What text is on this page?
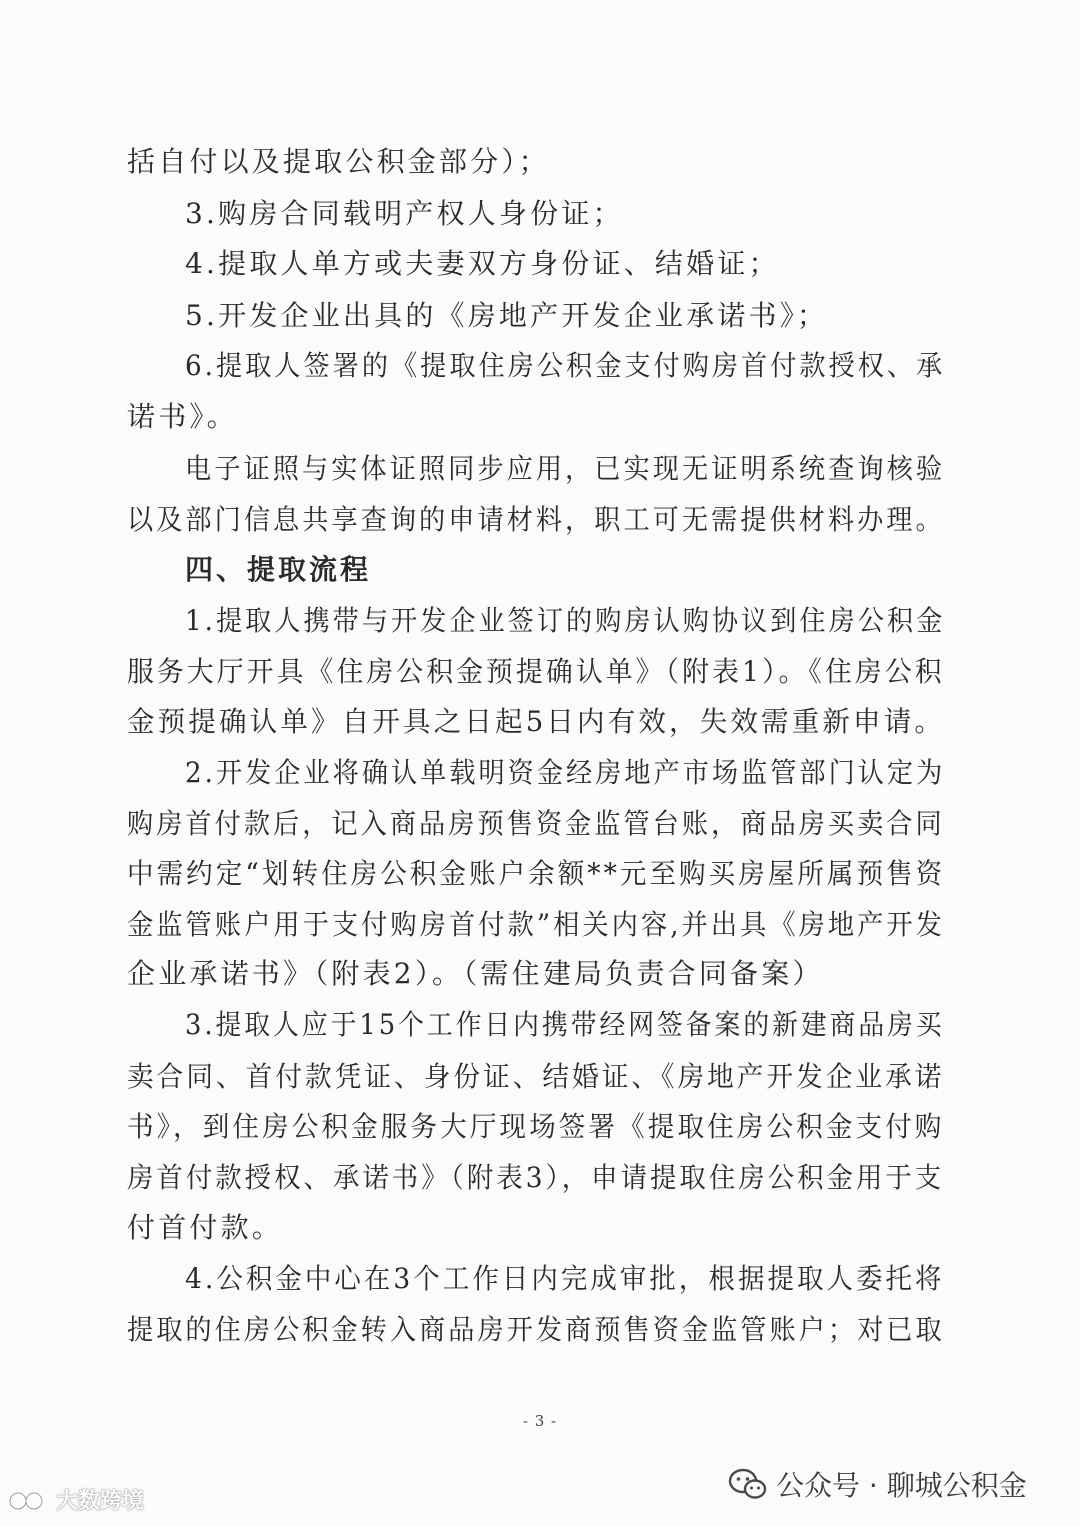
括自付以及提取公积金部分）；
3.购房合同载明产权人身份证；
4.提取人单方或夫妻双方身份证、结婚证；
5.开发企业出具的《房地产开发企业承诺书》；
6.提取人签署的《提取住房公积金支付购房首付款授权、承
诺书》。
电子证照与实体证照同步应用，已实现无证明系统查询核验
以及部门信息共享查询的申请材料，职工可无需提供材料办理。
四、提取流程
1.提取人携带与开发企业签订的购房认购协议到住房公积金
服务大厅开具《住房公积金预提确认单》（附表1）。《住房公积
金预提确认单》自开具之日起5日内有效，失效需重新申请。
2.开发企业将确认单载明资金经房地产市场监管部门认定为
购房首付款后，记入商品房预售资金监管台账，商品房买卖合同
中需约定“划转住房公积金账户余额**元至购买房屋所属预售资
金监管账户用于支付购房首付款”相关内容,并出具《房地产开发
企业承诺书》（附表2）。（需住建局负责合同备案）
3.提取人应于15个工作日内携带经网签备案的新建商品房买
卖合同、首付款凭证、身份证、结婚证、《房地产开发企业承诺
书》，到住房公积金服务大厅现场签署《提取住房公积金支付购
房首付款授权、承诺书》（附表3），申请提取住房公积金用于支
付首付款。
4.公积金中心在3个工作日内完成审批，根据提取人委托将
提取的住房公积金转入商品房开发商预售资金监管账户；对已取
- 3 -
公众号 · 聊城公积金
大数跨境
